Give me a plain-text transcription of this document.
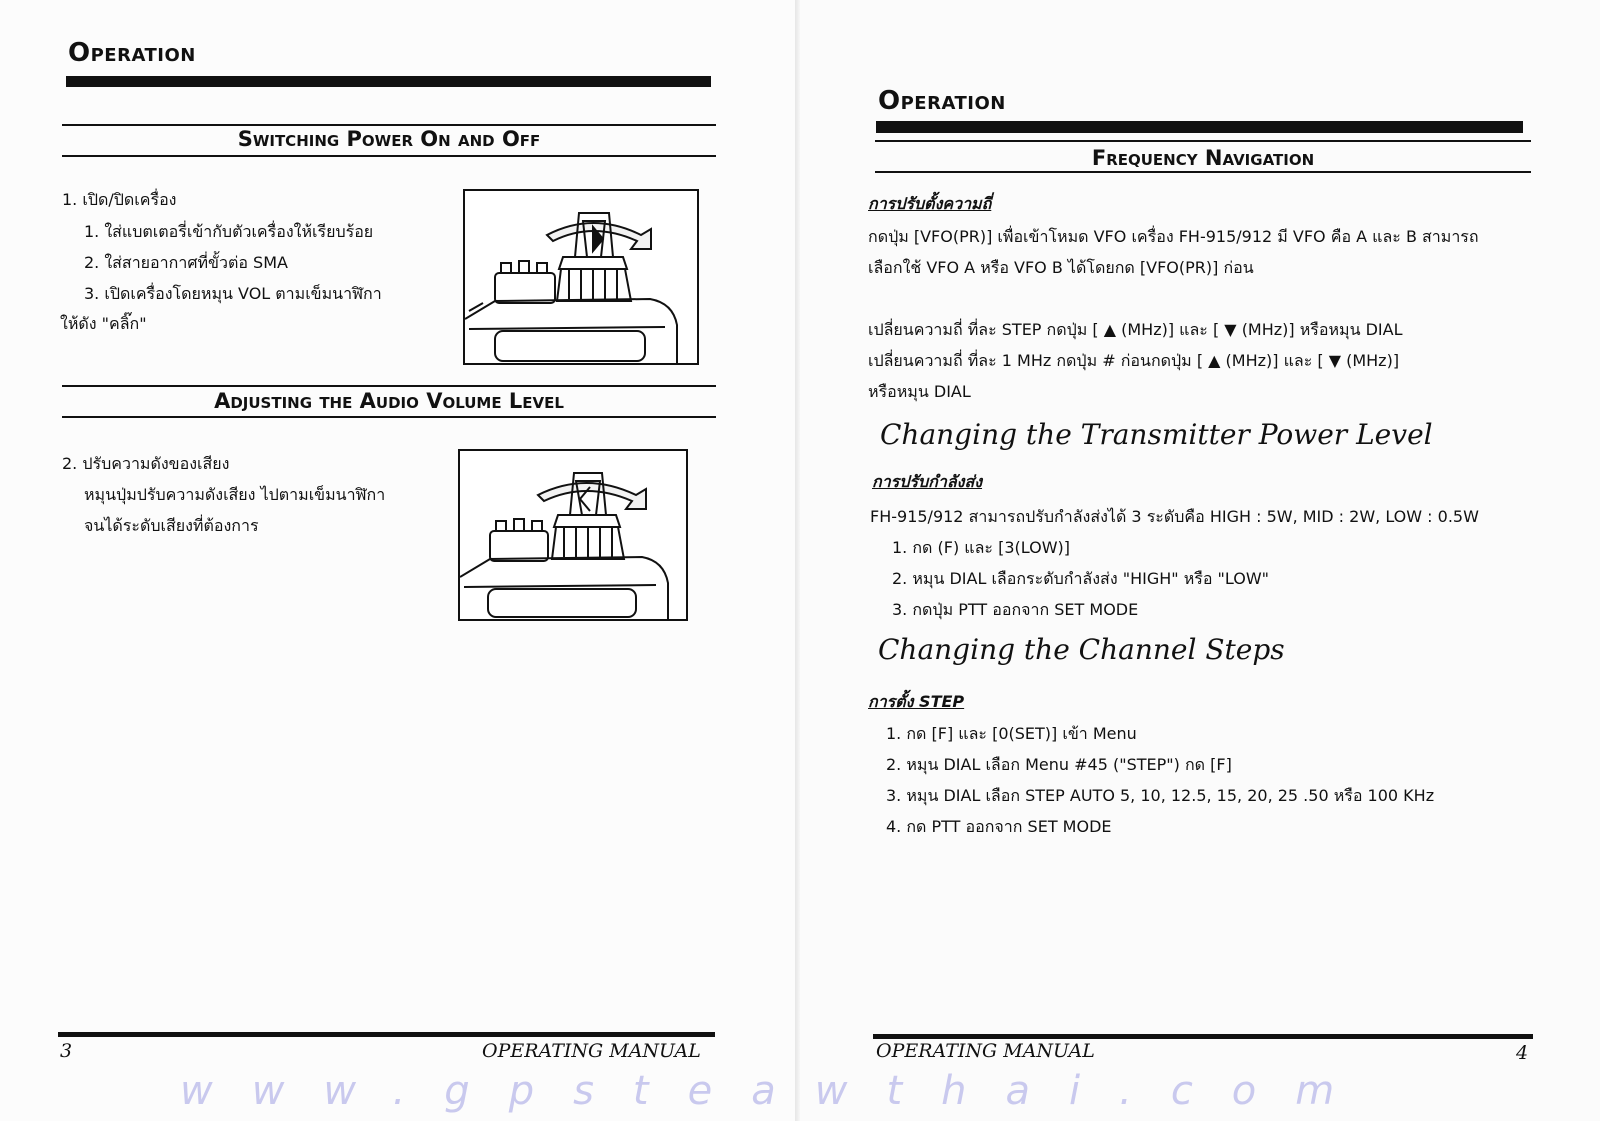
Operation
Switching Power On and Off
1. เปิด/ปิดเครื่อง
1. ใส่แบตเตอรี่เข้ากับตัวเครื่องให้เรียบร้อย
2. ใส่สายอากาศที่ขั้วต่อ SMA
3. เปิดเครื่องโดยหมุน VOL ตามเข็มนาฬิกา
ให้ดัง "คลิ๊ก"
Adjusting the Audio Volume Level
2. ปรับความดังของเสียง
หมุนปุ่มปรับความดังเสียง ไปตามเข็มนาฬิกา
จนได้ระดับเสียงที่ต้องการ
3	OPERATING MANUAL
Operation
Frequency Navigation
การปรับตั้งความถี่
กดปุ่ม [VFO(PR)] เพื่อเข้าโหมด VFO เครื่อง FH-915/912 มี VFO คือ A และ B สามารถ
เลือกใช้ VFO A หรือ VFO B ได้โดยกด [VFO(PR)] ก่อน
เปลี่ยนความถี่ ที่ละ STEP กดปุ่ม [ ▲ (MHz)] และ [ ▼ (MHz)] หรือหมุน DIAL
เปลี่ยนความถี่ ที่ละ 1 MHz กดปุ่ม # ก่อนกดปุ่ม [ ▲ (MHz)] และ [ ▼ (MHz)]
หรือหมุน DIAL
Changing the Transmitter Power Level
การปรับกำลังส่ง
FH-915/912 สามารถปรับกำลังส่งได้ 3 ระดับคือ HIGH : 5W, MID : 2W, LOW : 0.5W
1. กด (F) และ [3(LOW)]
2. หมุน DIAL เลือกระดับกำลังส่ง "HIGH" หรือ "LOW"
3. กดปุ่ม PTT ออกจาก SET MODE
Changing the Channel Steps
การตั้ง STEP
1. กด [F] และ [0(SET)] เข้า Menu
2. หมุน DIAL เลือก Menu #45 ("STEP") กด [F]
3. หมุน DIAL เลือก STEP AUTO 5, 10, 12.5, 15, 20, 25 .50 หรือ 100 KHz
4. กด PTT ออกจาก SET MODE
OPERATING MANUAL	4
www.gpsteawthai.com
